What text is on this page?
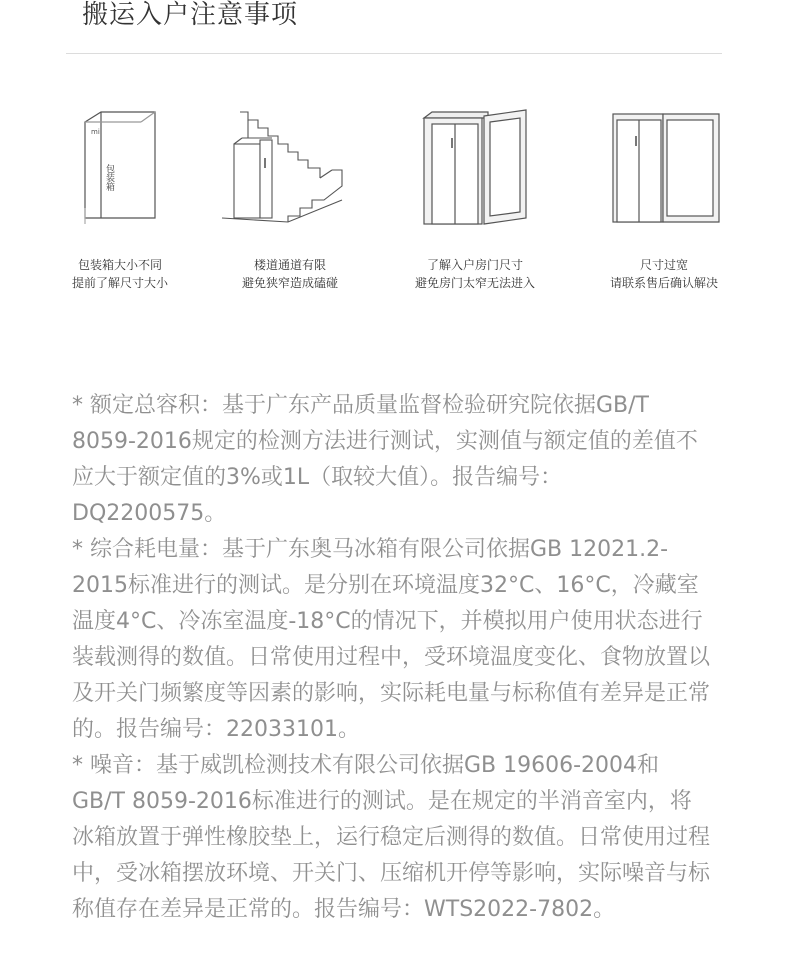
搬运入户注意事项
mi
包装箱
包装箱大小不同
提前了解尺寸大小
楼道通道有限
避免狭窄造成磕碰
了解入户房门尺寸
避免房门太窄无法进入
尺寸过宽
请联系售后确认解决

* 额定总容积：基于广东产品质量监督检验研究院依据GB/T 8059-2016规定的检测方法进行测试，实测值与额定值的差值不应大于额定值的3%或1L（取较大值）。报告编号：DQ2200575。

* 综合耗电量：基于广东奥马冰箱有限公司依据GB 12021.2-2015标准进行的测试。是分别在环境温度32°C、16°C，冷藏室温度4°C、冷冻室温度-18°C的情况下，并模拟用户使用状态进行装载测得的数值。日常使用过程中，受环境温度变化、食物放置以及开关门频繁度等因素的影响，实际耗电量与标称值有差异是正常的。报告编号：22033101。

* 噪音：基于威凯检测技术有限公司依据GB 19606-2004和GB/T 8059-2016标准进行的测试。是在规定的半消音室内，将冰箱放置于弹性橡胶垫上，运行稳定后测得的数值。日常使用过程中，受冰箱摆放环境、开关门、压缩机开停等影响，实际噪音与标称值存在差异是正常的。报告编号：WTS2022-7802。
